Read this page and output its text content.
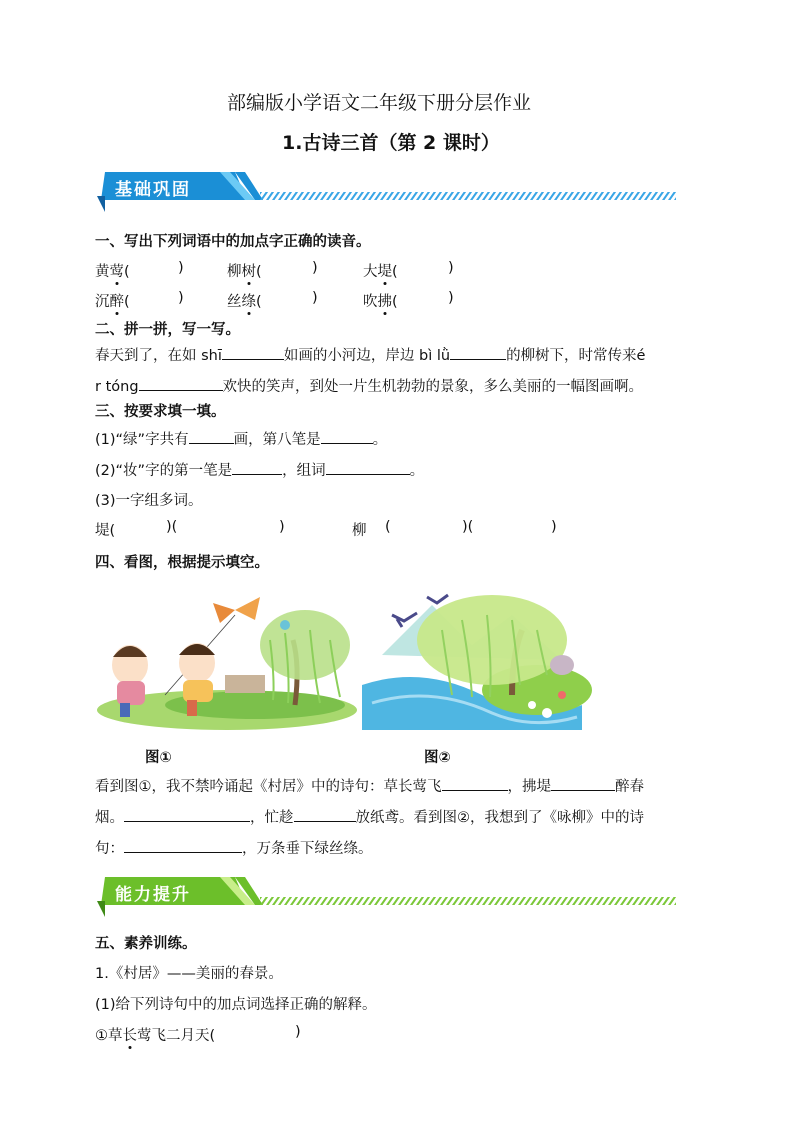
部编版小学语文二年级下册分层作业
1.古诗三首（第 2 课时）
基础巩固
一、写出下列词语中的加点字正确的读音。
黄莺(	)	柳树(	)	大堤(	)
沉醉(	)	丝绦(	)	吹拂(	)
二、拼一拼，写一写。
春天到了，在如 shī	如画的小河边，岸边 bì lǜ	的柳树下，时常传来é
r tóng	欢快的笑声，到处一片生机勃勃的景象，多么美丽的一幅图画啊。
三、按要求填一填。
(1)“绿”字共有	画，第八笔是	。
(2)“妆”字的第一笔是	，组词	。
(3)一字组多词。
堤(	)(	)	柳 (	)(	)
四、看图，根据提示填空。
图①	图②
看到图①，我不禁吟诵起《村居》中的诗句：草长莺飞	，拂堤	醉春
烟。	，忙趁	放纸鸢。看到图②，我想到了《咏柳》中的诗
句：	，万条垂下绿丝绦。
能力提升
五、素养训练。
1.《村居》——美丽的春景。
(1)给下列诗句中的加点词选择正确的解释。
①草长莺飞二月天(	)
